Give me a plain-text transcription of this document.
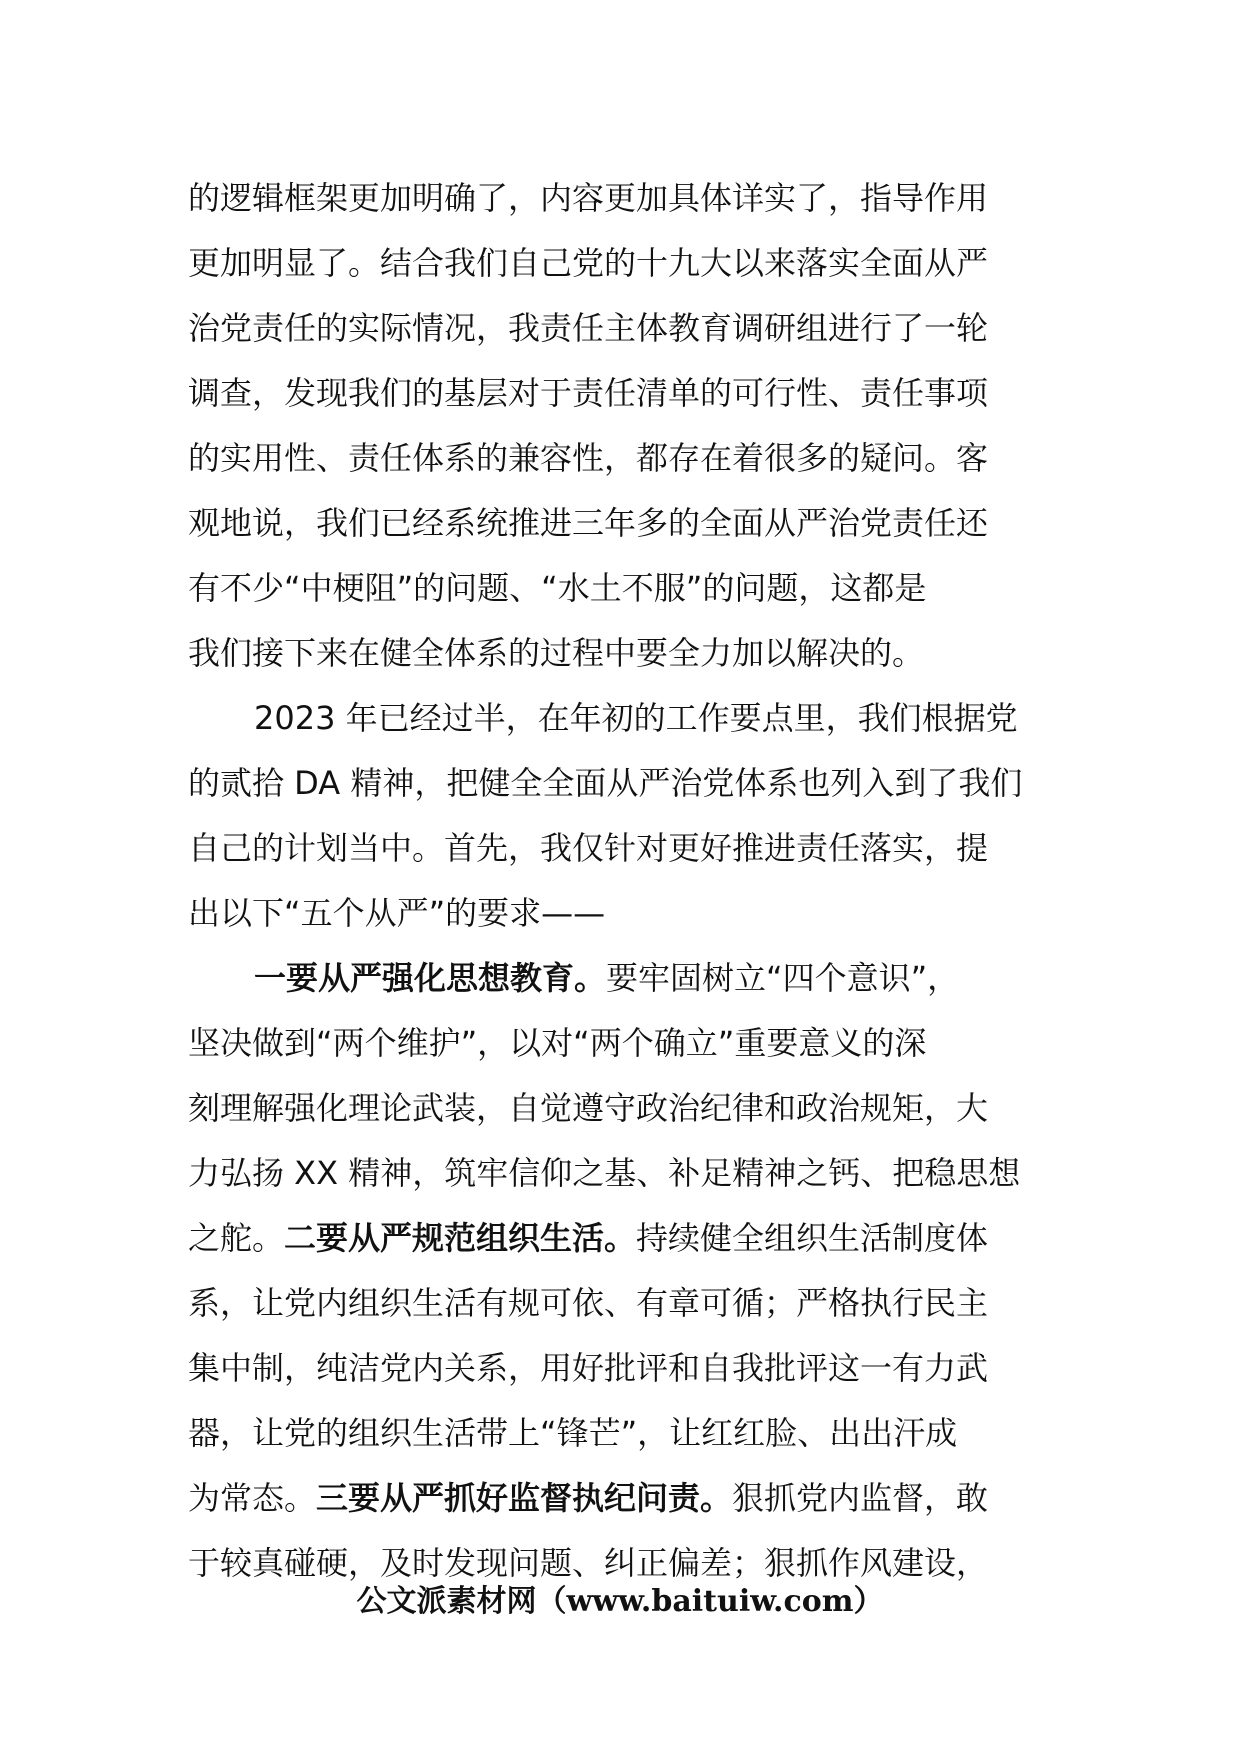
的逻辑框架更加明确了，内容更加具体详实了，指导作用
更加明显了。结合我们自己党的十九大以来落实全面从严
治党责任的实际情况，我责任主体教育调研组进行了一轮
调查，发现我们的基层对于责任清单的可行性、责任事项
的实用性、责任体系的兼容性，都存在着很多的疑问。客
观地说，我们已经系统推进三年多的全面从严治党责任还
有不少“中梗阻”的问题、“水土不服”的问题，这都是
我们接下来在健全体系的过程中要全力加以解决的。
2023 年已经过半，在年初的工作要点里，我们根据党
的贰拾 DA 精神，把健全全面从严治党体系也列入到了我们
自己的计划当中。首先，我仅针对更好推进责任落实，提
出以下“五个从严”的要求——
一要从严强化思想教育。要牢固树立“四个意识”，
坚决做到“两个维护”，以对“两个确立”重要意义的深
刻理解强化理论武装，自觉遵守政治纪律和政治规矩，大
力弘扬 XX 精神，筑牢信仰之基、补足精神之钙、把稳思想
之舵。二要从严规范组织生活。持续健全组织生活制度体
系，让党内组织生活有规可依、有章可循；严格执行民主
集中制，纯洁党内关系，用好批评和自我批评这一有力武
器，让党的组织生活带上“锋芒”，让红红脸、出出汗成
为常态。三要从严抓好监督执纪问责。狠抓党内监督，敢
于较真碰硬，及时发现问题、纠正偏差；狠抓作风建设，
公文派素材网（www.baituiw.com）
